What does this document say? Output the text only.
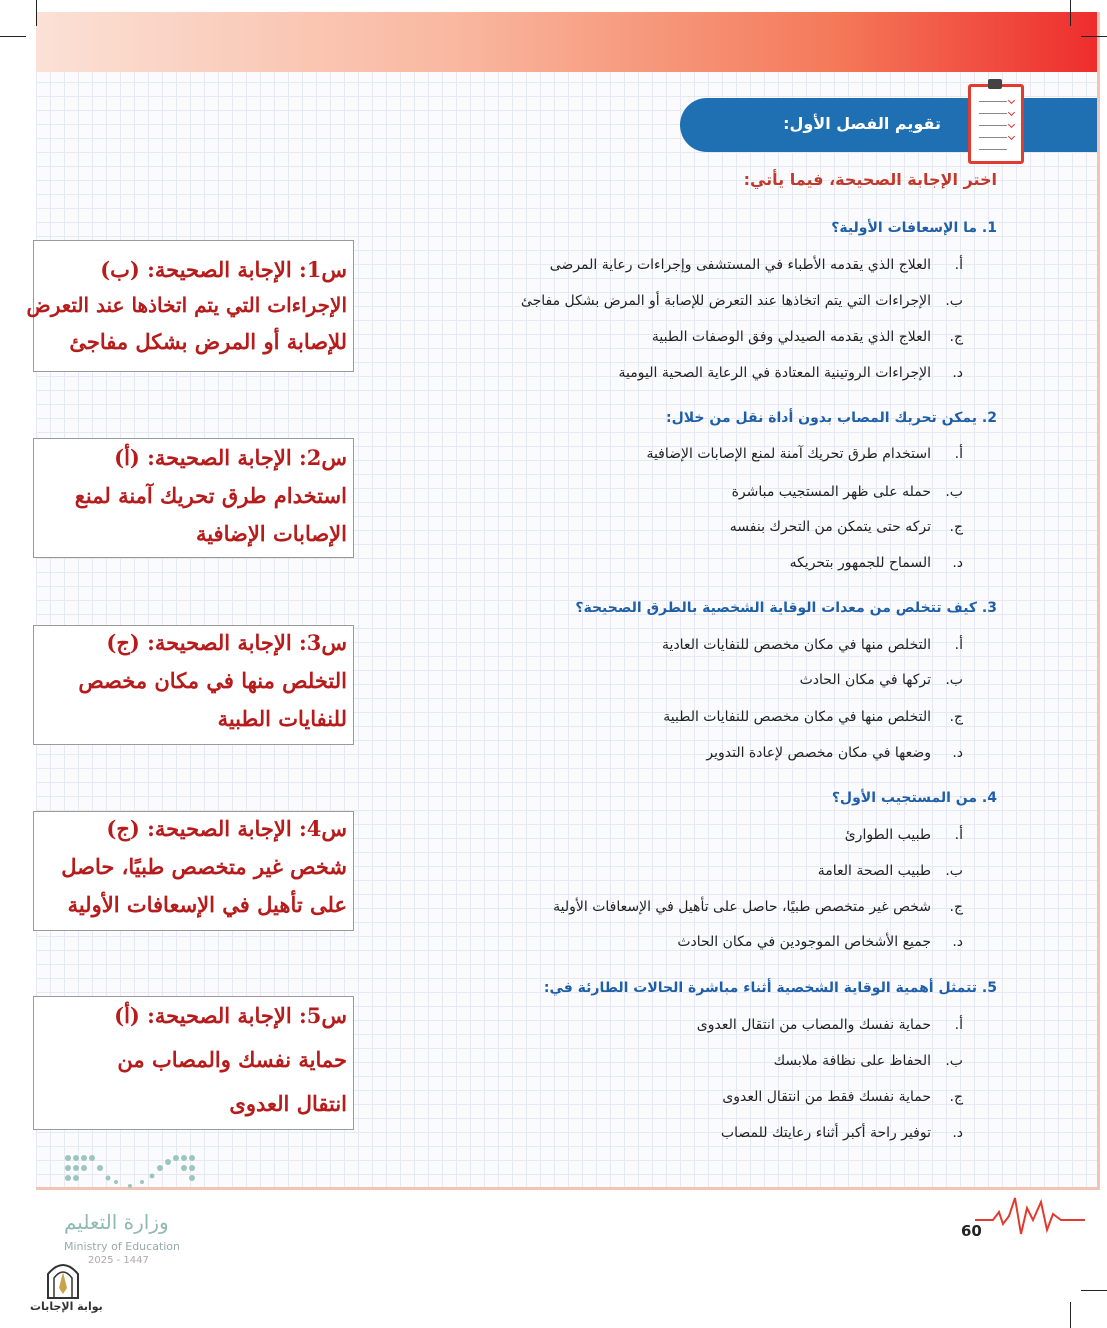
تقويم الفصل الأول:
اختر الإجابة الصحيحة، فيما يأتي:
1. ما الإسعافات الأولية؟
أ.العلاج الذي يقدمه الأطباء في المستشفى وإجراءات رعاية المرضى
ب.الإجراءات التي يتم اتخاذها عند التعرض للإصابة أو المرض بشكل مفاجئ
ج.العلاج الذي يقدمه الصيدلي وفق الوصفات الطبية
د.الإجراءات الروتينية المعتادة في الرعاية الصحية اليومية
2. يمكن تحريك المصاب بدون أداة نقل من خلال:
أ.استخدام طرق تحريك آمنة لمنع الإصابات الإضافية
ب.حمله على ظهر المستجيب مباشرة
ج.تركه حتى يتمكن من التحرك بنفسه
د.السماح للجمهور بتحريكه
3. كيف تتخلص من معدات الوقاية الشخصية بالطرق الصحيحة؟
أ.التخلص منها في مكان مخصص للنفايات العادية
ب.تركها في مكان الحادث
ج.التخلص منها في مكان مخصص للنفايات الطبية
د.وضعها في مكان مخصص لإعادة التدوير
4. من المستجيب الأول؟
أ.طبيب الطوارئ
ب.طبيب الصحة العامة
ج.شخص غير متخصص طبيًا، حاصل على تأهيل في الإسعافات الأولية
د.جميع الأشخاص الموجودين في مكان الحادث
5. تتمثل أهمية الوقاية الشخصية أثناء مباشرة الحالات الطارئة في:
أ.حماية نفسك والمصاب من انتقال العدوى
ب.الحفاظ على نظافة ملابسك
ج.حماية نفسك فقط من انتقال العدوى
د.توفير راحة أكبر أثناء رعايتك للمصاب
س1: الإجابة الصحيحة: (ب)
الإجراءات التي يتم اتخاذها عند التعرض
للإصابة أو المرض بشكل مفاجئ
س2: الإجابة الصحيحة: (أ)
استخدام طرق تحريك آمنة لمنع
الإصابات الإضافية
س3: الإجابة الصحيحة: (ج)
التخلص منها في مكان مخصص
للنفايات الطبية
س4: الإجابة الصحيحة: (ج)
شخص غير متخصص طبيًا، حاصل
على تأهيل في الإسعافات الأولية
س5: الإجابة الصحيحة: (أ)
حماية نفسك والمصاب من
انتقال العدوى
وزارة التعليم
Ministry of Education
2025 - 1447
بوابة الإجابات
60
